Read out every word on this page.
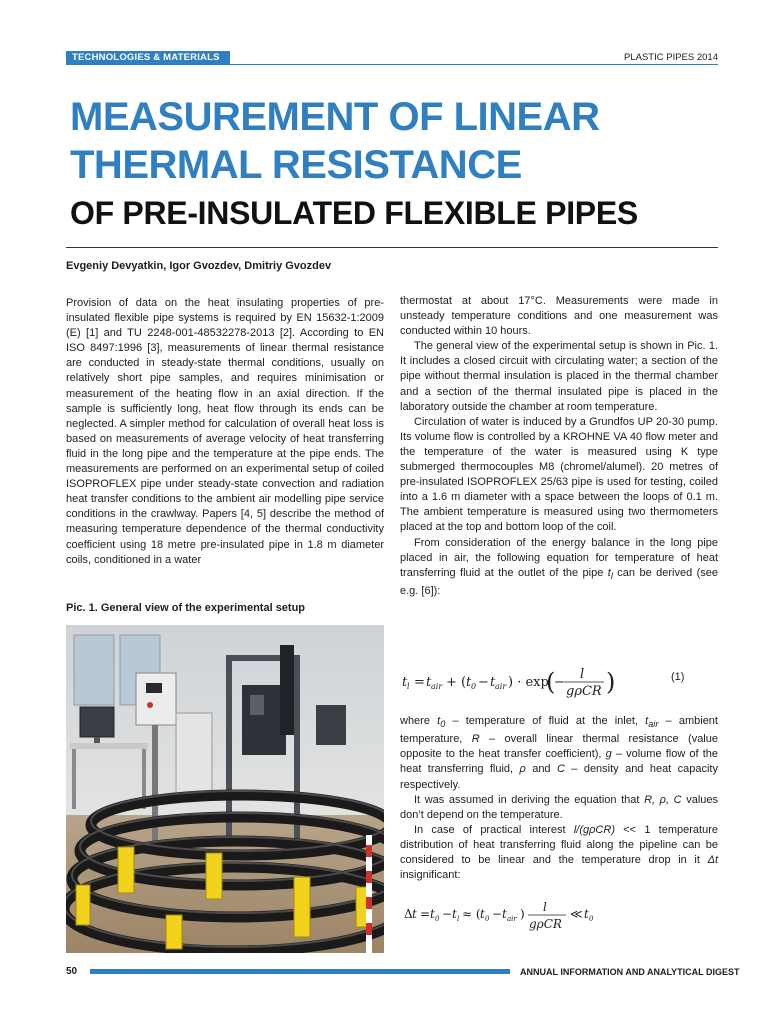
TECHNOLOGIES & MATERIALS	PLASTIC PIPES 2014
MEASUREMENT OF LINEAR
THERMAL RESISTANCE
OF PRE-INSULATED FLEXIBLE PIPES
Evgeniy Devyatkin, Igor Gvozdev, Dmitriy Gvozdev

Provision of data on the heat insulating properties of pre-insulated flexible pipe systems is required by EN 15632-1:2009 (E) [1] and TU 2248-001-48532278-2013 [2]. According to EN ISO 8497:1996 [3], measurements of linear thermal resistance are conducted in steady-state thermal conditions, usually on relatively short pipe samples, and requires minimisation or measurement of the heating flow in an axial direction. If the sample is sufficiently long, heat flow through its ends can be neglected. A simpler method for calculation of overall heat loss is based on measurements of average velocity of heat transferring fluid in the long pipe and the temperature at the pipe ends. The measurements are performed on an experimental setup of coiled ISOPROFLEX pipe under steady-state convection and radiation heat transfer conditions to the ambient air modelling pipe service conditions in the crawlway. Papers [4, 5] describe the method of measuring temperature dependence of the thermal conductivity coefficient using 18 metre pre-insulated pipe in 1.8 m diameter coils, conditioned in a water

Pic. 1. General view of the experimental setup

thermostat at about 17°C. Measurements were made in unsteady temperature conditions and one measurement was conducted within 10 hours.

The general view of the experimental setup is shown in Pic. 1. It includes a closed circuit with circulating water; a section of the pipe without thermal insulation is placed in the thermal chamber and a section of the thermal insulated pipe is placed in the laboratory outside the chamber at room temperature.

Circulation of water is induced by a Grundfos UP 20-30 pump. Its volume flow is controlled by a KROHNE VA 40 flow meter and the temperature of the water is measured using K type submerged thermocouples M8 (chromel/alumel). 20 metres of pre-insulated ISOPROFLEX 25/63 pipe is used for testing, coiled into a 1.6 m diameter with a space between the loops of 0.1 m. The ambient temperature is measured using two thermometers placed at the top and bottom loop of the coil.

From consideration of the energy balance in the long pipe placed in air, the following equation for temperature of heat transferring fluid at the outlet of the pipe $t_l$ can be derived (see e.g. [6]):

t l = t air + ( t 0 − t air ) · exp
(
−
l
gρCR )	(1)

where $t_0$ – temperature of fluid at the inlet, $t_{air}$ – ambient temperature, R – overall linear thermal resistance (value opposite to the heat transfer coefficient), g – volume flow of the heat transferring fluid, ρ and C – density and heat capacity respectively.

It was assumed in deriving the equation that R, ρ, C values don’t depend on the temperature.

In case of practical interest l/(gρCR) << 1 temperature distribution of heat transferring fluid along the pipeline can be considered to be linear and the temperature drop in it Δt insignificant:

Δ t = t 0 − t l ≈ ( t 0 − t air ) l
gρCR
≪ t 0
50	ANNUAL INFORMATION AND ANALYTICAL DIGEST
